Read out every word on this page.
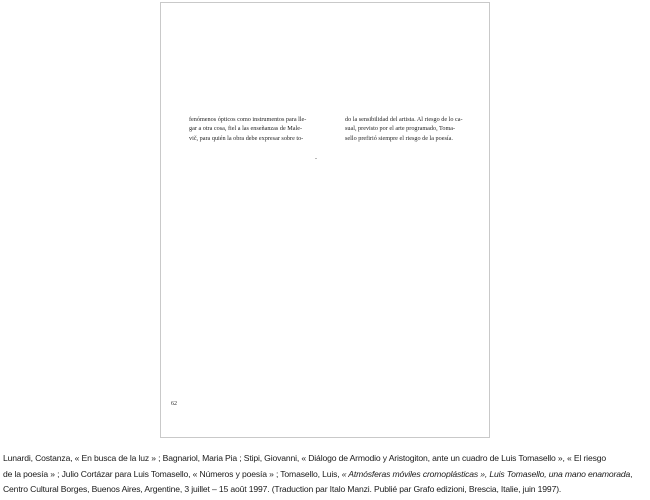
fenómenos ópticos como instrumentos para lle-
gar a otra cosa, fiel a las enseñanzas de Male-
vič, para quién la obra debe expresar sobre to-
do la sensibilidad del artista. Al riesgo de lo ca-
sual, previsto por el arte programado, Toma-
sello prefirió siempre el riesgo de la poesía.
62
Lunardi, Costanza, « En busca de la luz » ; Bagnariol, Maria Pia ; Stipi, Giovanni, « Diálogo de Armodio y Aristogiton, ante un cuadro de Luis Tomasello », « El riesgo
de la poesía » ; Julio Cortázar para Luis Tomasello, « Números y poesía » ; Tomasello, Luis, « Atmósferas móviles cromoplásticas », Luis Tomasello, una mano enamorada,
Centro Cultural Borges, Buenos Aires, Argentine, 3 juillet – 15 août 1997. (Traduction par Italo Manzi. Publié par Grafo edizioni, Brescia, Italie, juin 1997).
